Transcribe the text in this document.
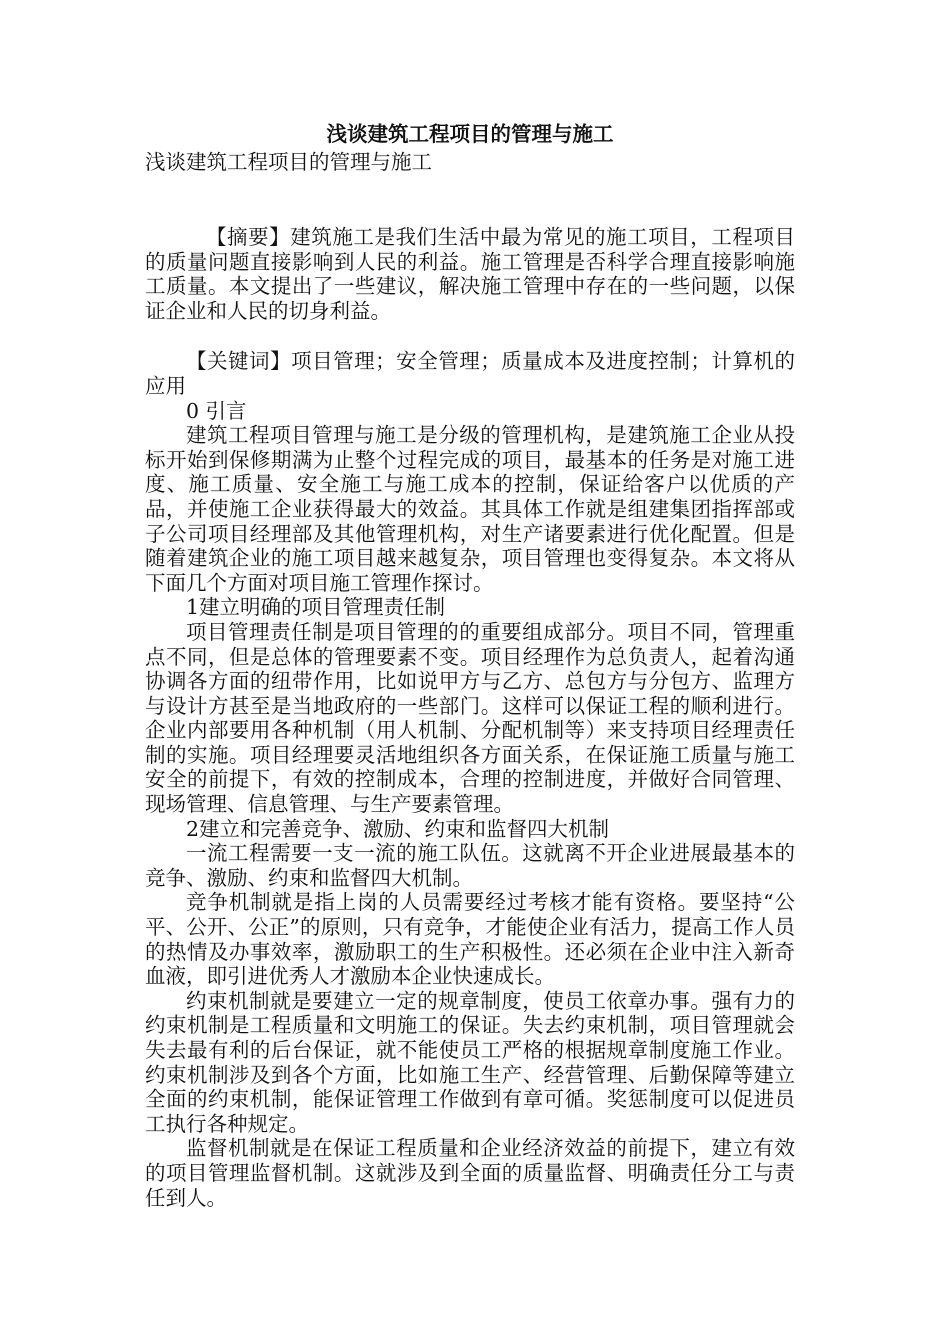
浅谈建筑工程项目的管理与施工

浅谈建筑工程项目的管理与施工

【摘要】建筑施工是我们生活中最为常见的施工项目，工程项目的质量问题直接影响到人民的利益。施工管理是否科学合理直接影响施工质量。本文提出了一些建议，解决施工管理中存在的一些问题，以保证企业和人民的切身利益。

【关键词】项目管理；安全管理；质量成本及进度控制；计算机的应用

0 引言

建筑工程项目管理与施工是分级的管理机构，是建筑施工企业从投标开始到保修期满为止整个过程完成的项目，最基本的任务是对施工进度、施工质量、安全施工与施工成本的控制，保证给客户以优质的产品，并使施工企业获得最大的效益。其具体工作就是组建集团指挥部或子公司项目经理部及其他管理机构，对生产诸要素进行优化配置。但是随着建筑企业的施工项目越来越复杂，项目管理也变得复杂。本文将从下面几个方面对项目施工管理作探讨。

1建立明确的项目管理责任制

项目管理责任制是项目管理的的重要组成部分。项目不同，管理重点不同，但是总体的管理要素不变。项目经理作为总负责人，起着沟通协调各方面的纽带作用，比如说甲方与乙方、总包方与分包方、监理方与设计方甚至是当地政府的一些部门。这样可以保证工程的顺利进行。企业内部要用各种机制（用人机制、分配机制等）来支持项目经理责任制的实施。项目经理要灵活地组织各方面关系，在保证施工质量与施工安全的前提下，有效的控制成本，合理的控制进度，并做好合同管理、现场管理、信息管理、与生产要素管理。

2建立和完善竞争、激励、约束和监督四大机制

一流工程需要一支一流的施工队伍。这就离不开企业进展最基本的竞争、激励、约束和监督四大机制。

竞争机制就是指上岗的人员需要经过考核才能有资格。要坚持“公平、公开、公正”的原则，只有竞争，才能使企业有活力，提高工作人员的热情及办事效率，激励职工的生产积极性。还必须在企业中注入新奇血液，即引进优秀人才激励本企业快速成长。

约束机制就是要建立一定的规章制度，使员工依章办事。强有力的约束机制是工程质量和文明施工的保证。失去约束机制，项目管理就会失去最有利的后台保证，就不能使员工严格的根据规章制度施工作业。约束机制涉及到各个方面，比如施工生产、经营管理、后勤保障等建立全面的约束机制，能保证管理工作做到有章可循。奖惩制度可以促进员工执行各种规定。

监督机制就是在保证工程质量和企业经济效益的前提下，建立有效的项目管理监督机制。这就涉及到全面的质量监督、明确责任分工与责任到人。
